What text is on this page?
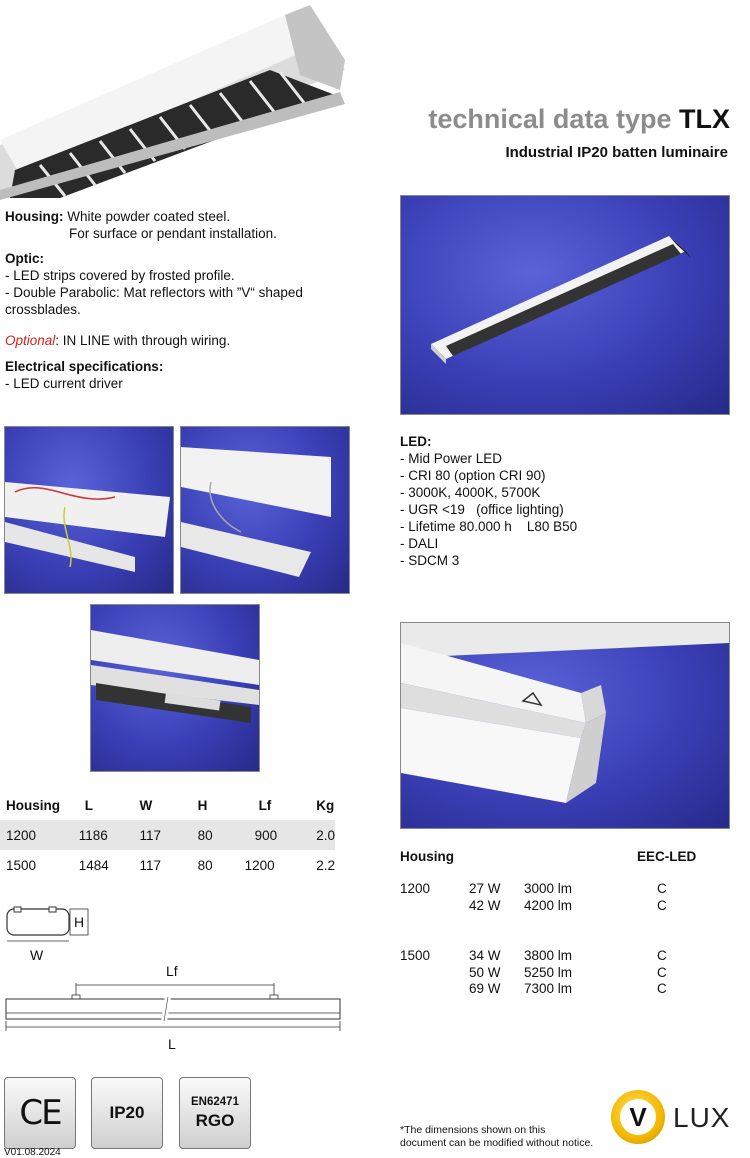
technical data type TLX
Industrial IP20 batten luminaire
Housing: White powder coated steel.
For surface or pendant installation.
Optic:
- LED strips covered by frosted profile.
- Double Parabolic: Mat reflectors with ”V“ shaped crossblades.
Optional: IN LINE with through wiring.
Electrical specifications:
- LED current driver
LED:
- Mid Power LED
- CRI 80 (option CRI 90)
- 3000K, 4000K, 5700K
- UGR <19   (office lighting)
- Lifetime 80.000 h    L80 B50
- DALI
- SDCM 3
Housing	L	W	H	Lf	Kg
1200	1186	117	80	900	2.0
1500	1484	117	80	1200	2.2
H
W
Lf
L
Housing	EEC-LED
1200	27 W	3000 lm	C
	42 W	4200 lm	C
1500	34 W	3800 lm	C
	50 W	5250 lm	C
	69 W	7300 lm	C
CE	IP20
EN62471
RGO
V01.08.2024
*The dimensions shown on this
document can be modified without notice.
V LUX
